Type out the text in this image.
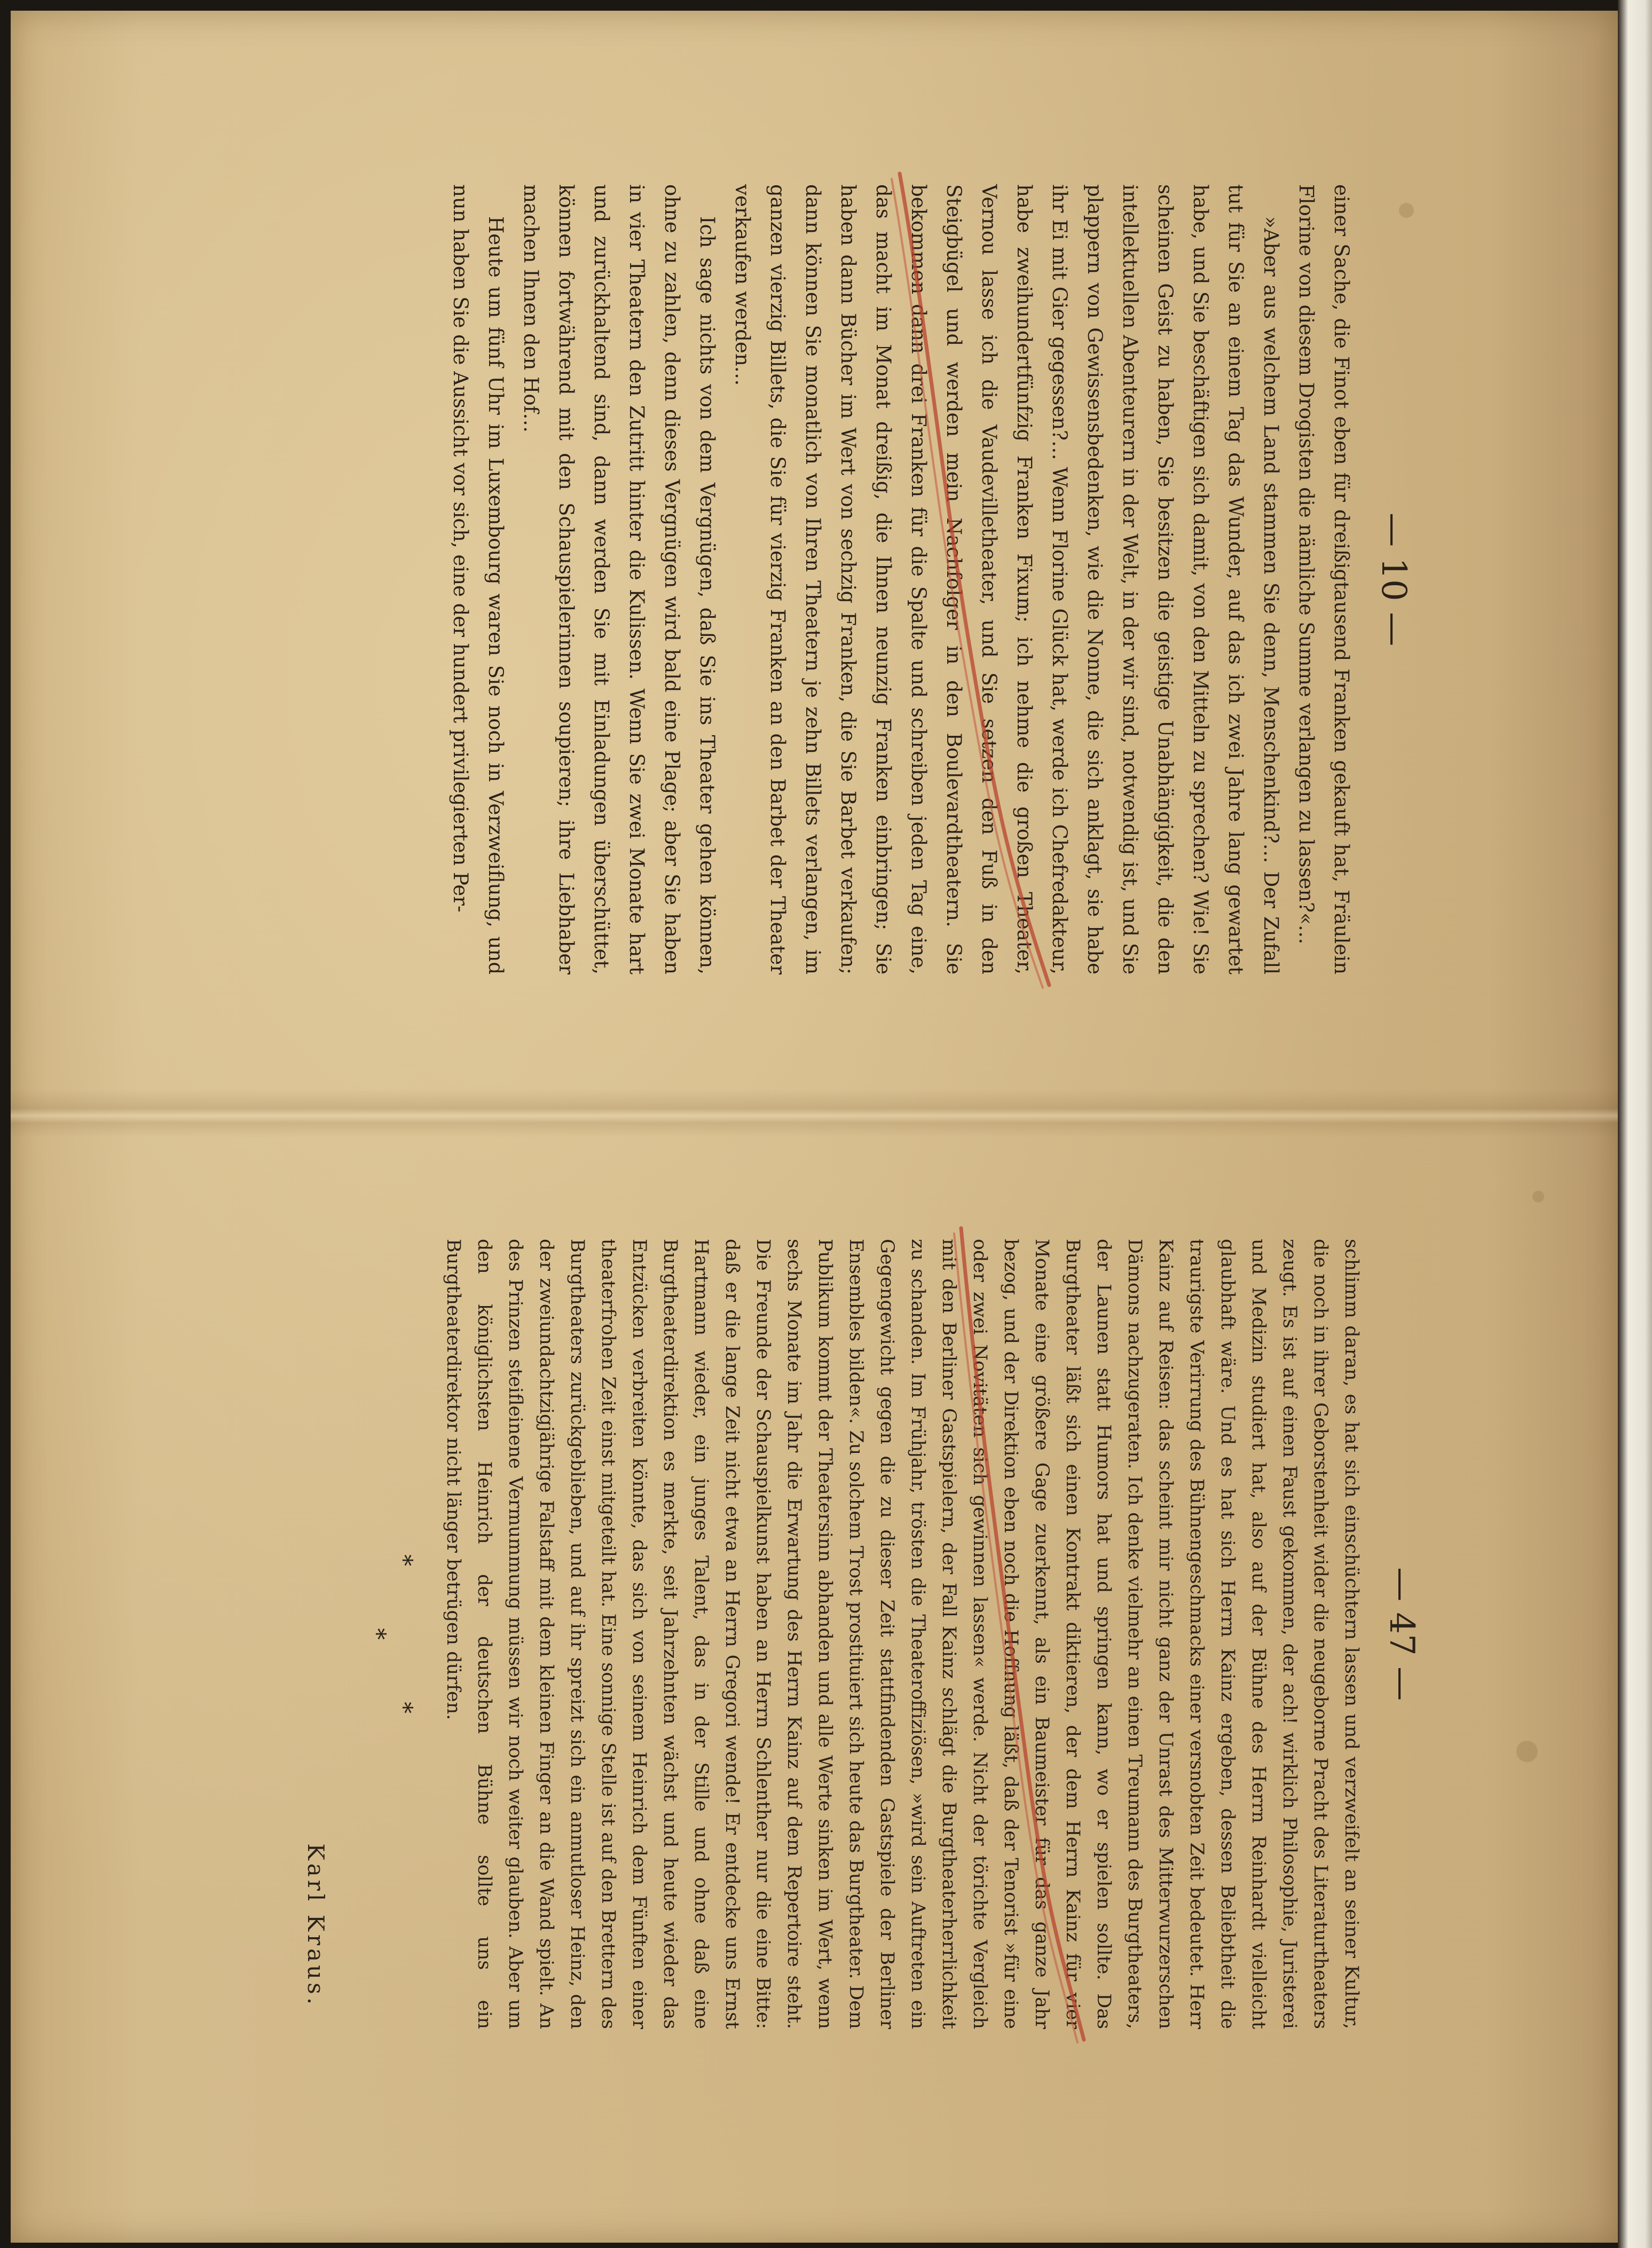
— 10 —

einer Sache, die Finot eben für dreißigtausend Franken gekauft hat, Fräulein Florine von diesem Drogisten die nämliche Summe verlangen zu lassen?«…

»Aber aus welchem Land stammen Sie denn, Menschenkind?… Der Zufall tut für Sie an einem Tag das Wunder, auf das ich zwei Jahre lang gewartet habe, und Sie beschäftigen sich damit, von den Mitteln zu sprechen? Wie! Sie scheinen Geist zu haben, Sie besitzen die geistige Unabhängigkeit, die den intellektuellen Abenteurern in der Welt, in der wir sind, notwendig ist, und Sie plappern von Gewissensbedenken, wie die Nonne, die sich anklagt, sie habe ihr Ei mit Gier gegessen?… Wenn Florine Glück hat, werde ich Chefredakteur, habe zweihundertfünfzig Franken Fixum; ich nehme die großen Theater, Vernou lasse ich die Vaudevilletheater, und Sie setzen den Fuß in den Steigbügel und werden mein Nachfolger in den Boulevardtheatern. Sie bekommen dann drei Franken für die Spalte und schreiben jeden Tag eine, das macht im Monat dreißig, die Ihnen neunzig Franken einbringen; Sie haben dann Bücher im Wert von sechzig Franken, die Sie Barbet verkaufen; dann können Sie monatlich von Ihren Theatern je zehn Billets verlangen, im ganzen vierzig Billets, die Sie für vierzig Franken an den Barbet der Theater verkaufen werden…

Ich sage nichts von dem Vergnügen, daß Sie ins Theater gehen können, ohne zu zahlen, denn dieses Vergnügen wird bald eine Plage; aber Sie haben in vier Theatern den Zutritt hinter die Kulissen. Wenn Sie zwei Monate hart und zurückhaltend sind, dann werden Sie mit Einladungen überschüttet, können fortwährend mit den Schauspielerinnen soupieren; ihre Liebhaber machen Ihnen den Hof…

Heute um fünf Uhr im Luxembourg waren Sie noch in Verzweiflung, und nun haben Sie die Aussicht vor sich, eine der hundert privilegierten Per-

— 47 —

schlimm daran, es hat sich einschüchtern lassen und verzweifelt an seiner Kultur, die noch in ihrer Geborstenheit wider die neugeborne Pracht des Literaturtheaters zeugt. Es ist auf einen Faust gekommen, der ach! wirklich Philosophie, Juristerei und Medizin studiert hat, also auf der Bühne des Herrn Reinhardt vielleicht glaubhaft wäre. Und es hat sich Herrn Kainz ergeben, dessen Beliebtheit die traurigste Verirrung des Bühnengeschmacks einer versnobten Zeit bedeutet. Herr Kainz auf Reisen: das scheint mir nicht ganz der Unrast des Mitterwurzerschen Dämons nachzugeraten. Ich denke vielmehr an einen Treumann des Burgtheaters, der Launen statt Humors hat und springen kann, wo er spielen sollte. Das Burgtheater läßt sich einen Kontrakt diktieren, der dem Herrn Kainz für vier Monate eine größere Gage zuerkennt, als ein Baumeister für das ganze Jahr bezog, und der Direktion eben noch die Hoffnung läßt, daß der Tenorist »für eine oder zwei Novitäten sich gewinnen lassen« werde. Nicht der törichte Vergleich mit den Berliner Gastspielern, der Fall Kainz schlägt die Burgtheaterherrlichkeit zu schanden. Im Frühjahr, trösten die Theateroffiziösen, »wird sein Auftreten ein Gegengewicht gegen die zu dieser Zeit stattfindenden Gastspiele der Berliner Ensembles bilden«. Zu solchem Trost prostituiert sich heute das Burgtheater. Dem Publikum kommt der Theatersinn abhanden und alle Werte sinken im Wert, wenn sechs Monate im Jahr die Erwartung des Herrn Kainz auf dem Repertoire steht. Die Freunde der Schauspielkunst haben an Herrn Schlenther nur die eine Bitte: daß er die lange Zeit nicht etwa an Herrn Gregori wende! Er entdecke uns Ernst Hartmann wieder, ein junges Talent, das in der Stille und ohne daß eine Burgtheaterdirektion es merkte, seit Jahrzehnten wächst und heute wieder das Entzücken verbreiten könnte, das sich von seinem Heinrich dem Fünften einer theaterfrohen Zeit einst mitgeteilt hat. Eine sonnige Stelle ist auf den Brettern des Burgtheaters zurückgeblieben, und auf ihr spreizt sich ein anmutloser Heinz, den der zweiundachtzigjährige Falstaff mit dem kleinen Finger an die Wand spielt. An des Prinzen steifleinene Vermummung müssen wir noch weiter glauben. Aber um den königlichsten Heinrich der deutschen Bühne sollte uns ein Burgtheaterdirektor nicht länger betrügen dürfen.

* *
*
Karl Kraus.
